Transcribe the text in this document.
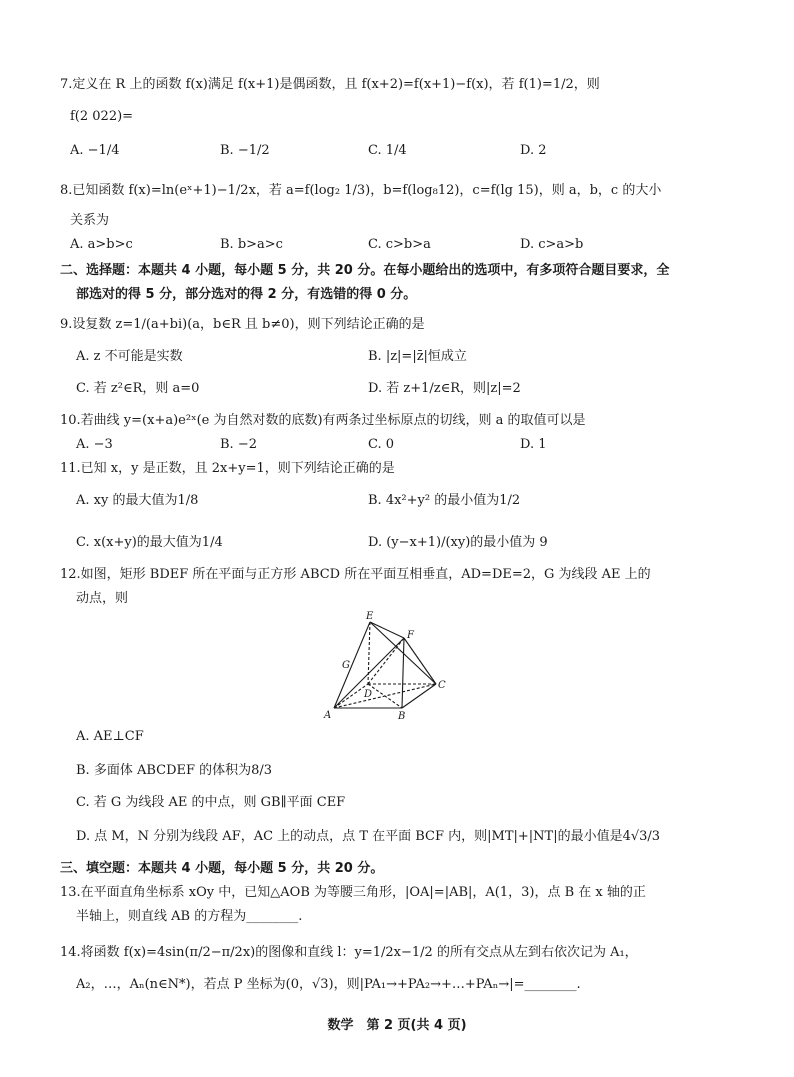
7.定义在 R 上的函数 f(x)满足 f(x+1)是偶函数，且 f(x+2)=f(x+1)−f(x)，若 f(1)=1/2，则
f(2 022)=
A. −1/4	B. −1/2	C. 1/4	D. 2
8.已知函数 f(x)=ln(eˣ+1)−1/2x，若 a=f(log₂ 1/3)，b=f(log₈12)，c=f(lg 15)，则 a，b，c 的大小
关系为
A. a>b>c	B. b>a>c	C. c>b>a	D. c>a>b
二、选择题：本题共 4 小题，每小题 5 分，共 20 分。在每小题给出的选项中，有多项符合题目要求，全
部选对的得 5 分，部分选对的得 2 分，有选错的得 0 分。
9.设复数 z=1/(a+bi)(a，b∈R 且 b≠0)，则下列结论正确的是
A. z 不可能是实数	B. |z|=|z̄|恒成立
C. 若 z²∈R，则 a=0	D. 若 z+1/z∈R，则|z|=2
10.若曲线 y=(x+a)e²ˣ(e 为自然对数的底数)有两条过坐标原点的切线，则 a 的取值可以是
A. −3	B. −2	C. 0	D. 1
11.已知 x，y 是正数，且 2x+y=1，则下列结论正确的是
A. xy 的最大值为1/8	B. 4x²+y² 的最小值为1/2
C. x(x+y)的最大值为1/4	D. (y−x+1)/(xy)的最小值为 9
12.如图，矩形 BDEF 所在平面与正方形 ABCD 所在平面互相垂直，AD=DE=2，G 为线段 AE 上的
动点，则
E
F
G
D
C
A	B
A. AE⊥CF
B. 多面体 ABCDEF 的体积为8/3
C. 若 G 为线段 AE 的中点，则 GB∥平面 CEF
D. 点 M，N 分别为线段 AF，AC 上的动点，点 T 在平面 BCF 内，则|MT|+|NT|的最小值是4√3/3
三、填空题：本题共 4 小题，每小题 5 分，共 20 分。
13.在平面直角坐标系 xOy 中，已知△AOB 为等腰三角形，|OA|=|AB|，A(1，3)，点 B 在 x 轴的正
半轴上，则直线 AB 的方程为________.
14.将函数 f(x)=4sin(π/2−π/2x)的图像和直线 l：y=1/2x−1/2 的所有交点从左到右依次记为 A₁，
A₂，…，Aₙ(n∈N*)，若点 P 坐标为(0，√3)，则|PA₁→+PA₂→+…+PAₙ→|=________.
数学　第 2 页(共 4 页)
